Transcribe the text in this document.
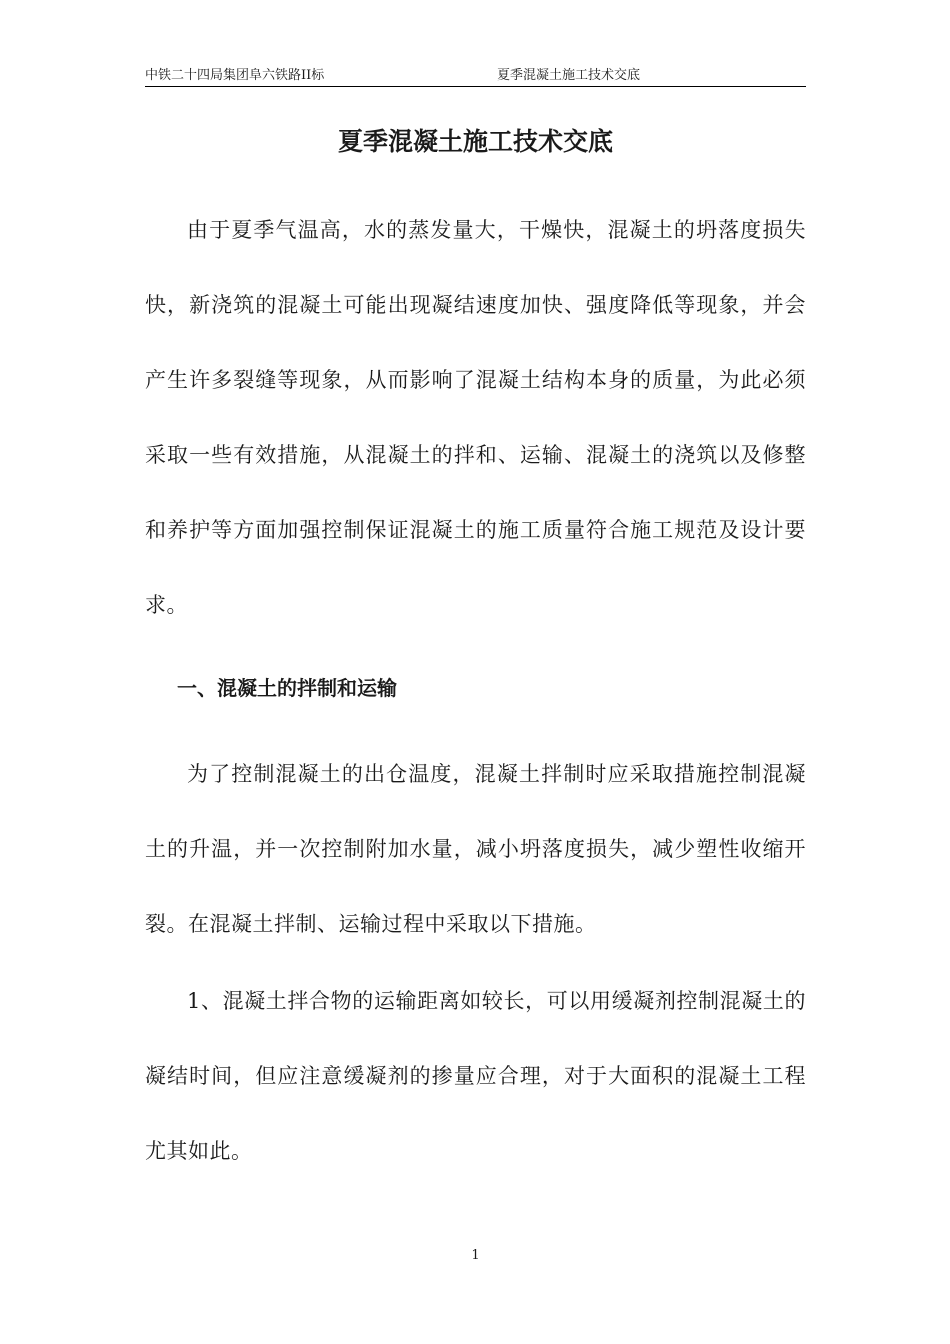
中铁二十四局集团阜六铁路II标	夏季混凝土施工技术交底
夏季混凝土施工技术交底

由于夏季气温高，水的蒸发量大，干燥快，混凝土的坍落度损失快，新浇筑的混凝土可能出现凝结速度加快、强度降低等现象，并会产生许多裂缝等现象，从而影响了混凝土结构本身的质量，为此必须采取一些有效措施，从混凝土的拌和、运输、混凝土的浇筑以及修整和养护等方面加强控制保证混凝土的施工质量符合施工规范及设计要求。

一、混凝土的拌制和运输

为了控制混凝土的出仓温度，混凝土拌制时应采取措施控制混凝土的升温，并一次控制附加水量，减小坍落度损失，减少塑性收缩开裂。在混凝土拌制、运输过程中采取以下措施。

1、混凝土拌合物的运输距离如较长，可以用缓凝剂控制混凝土的凝结时间，但应注意缓凝剂的掺量应合理，对于大面积的混凝土工程尤其如此。

1
